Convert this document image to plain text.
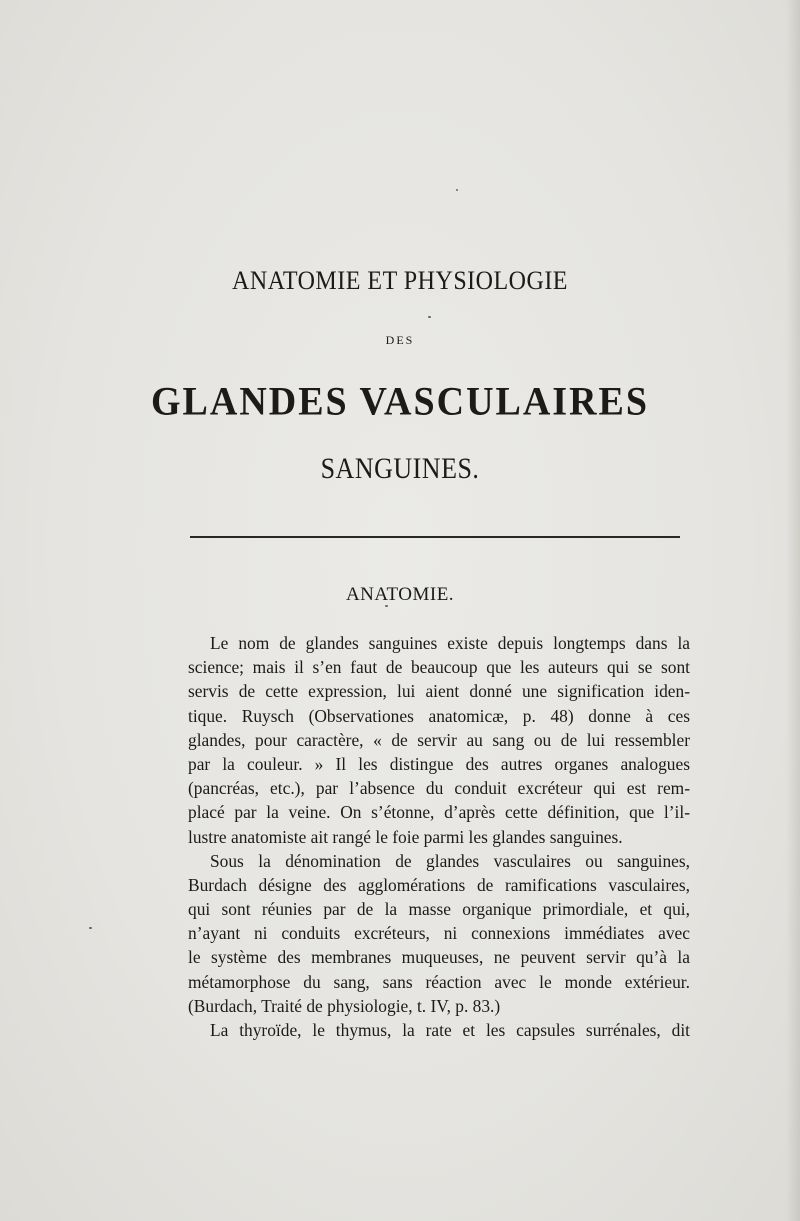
ANATOMIE ET PHYSIOLOGIE
DES
GLANDES VASCULAIRES
SANGUINES.
ANATOMIE.
Le nom de glandes sanguines existe depuis longtemps dans la
science; mais il s’en faut de beaucoup que les auteurs qui se sont
servis de cette expression, lui aient donné une signification iden-
tique. Ruysch (Observationes anatomicæ, p. 48) donne à ces
glandes, pour caractère, « de servir au sang ou de lui ressembler
par la couleur. » Il les distingue des autres organes analogues
(pancréas, etc.), par l’absence du conduit excréteur qui est rem-
placé par la veine. On s’étonne, d’après cette définition, que l’il-
lustre anatomiste ait rangé le foie parmi les glandes sanguines.
Sous la dénomination de glandes vasculaires ou sanguines,
Burdach désigne des agglomérations de ramifications vasculaires,
qui sont réunies par de la masse organique primordiale, et qui,
n’ayant ni conduits excréteurs, ni connexions immédiates avec
le système des membranes muqueuses, ne peuvent servir qu’à la
métamorphose du sang, sans réaction avec le monde extérieur.
(Burdach, Traité de physiologie, t. IV, p. 83.)
La thyroïde, le thymus, la rate et les capsules surrénales, dit
